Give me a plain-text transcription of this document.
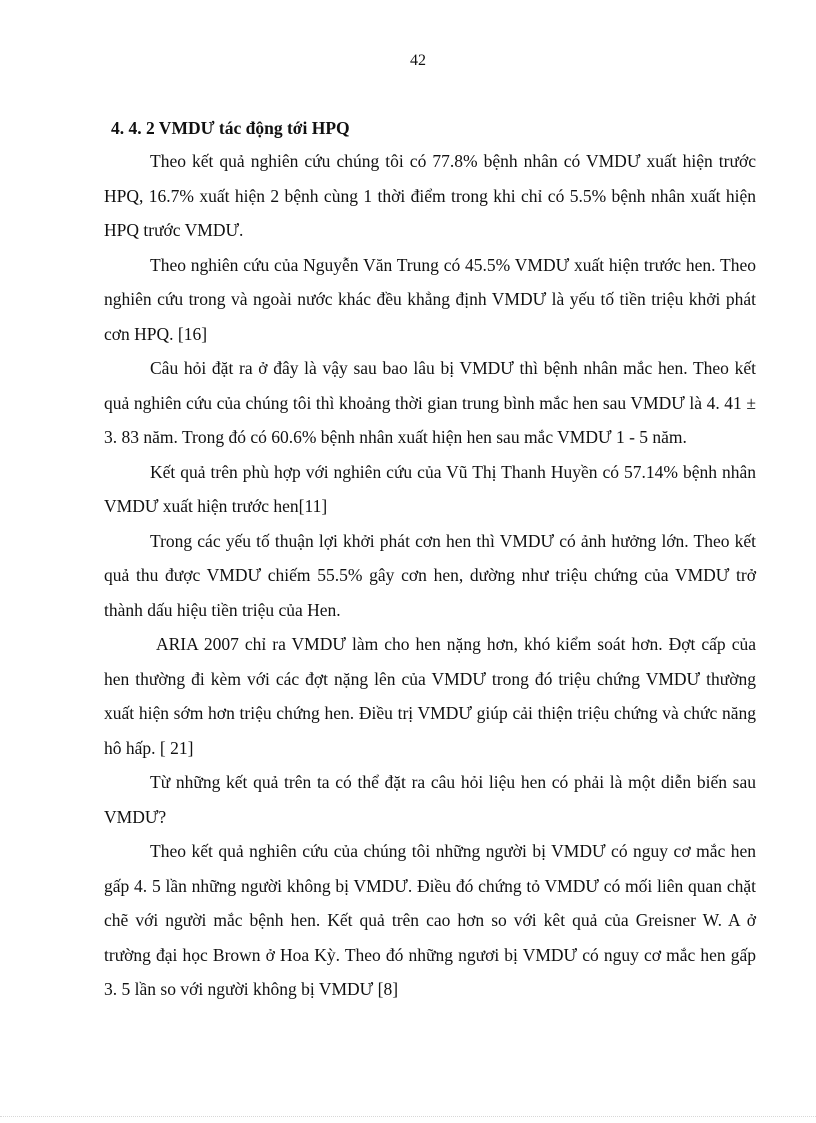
42

4. 4. 2 VMDƯ tác động tới HPQ

Theo kết quả nghiên cứu chúng tôi có 77.8% bệnh nhân có VMDƯ xuất hiện trước HPQ, 16.7% xuất hiện 2 bệnh cùng 1 thời điểm trong khi chỉ có 5.5% bệnh nhân xuất hiện HPQ trước VMDƯ.

Theo nghiên cứu của Nguyễn Văn Trung có 45.5% VMDƯ xuất hiện trước hen. Theo nghiên cứu trong và ngoài nước khác đều khẳng định VMDƯ là yếu tố tiền triệu khởi phát cơn HPQ. [16]

Câu hỏi đặt ra ở đây là vậy sau bao lâu bị VMDƯ thì bệnh nhân mắc hen. Theo kết quả nghiên cứu của chúng tôi thì khoảng thời gian trung bình mắc hen sau VMDƯ là 4. 41 ± 3. 83 năm. Trong đó có 60.6% bệnh nhân xuất hiện hen sau mắc VMDƯ 1 - 5 năm.

Kết quả trên phù hợp với nghiên cứu của Vũ Thị Thanh Huyền có 57.14% bệnh nhân VMDƯ xuất hiện trước hen[11]

Trong các yếu tố thuận lợi khởi phát cơn hen thì VMDƯ có ảnh hưởng lớn. Theo kết quả thu được VMDƯ chiếm 55.5% gây cơn hen, dường như triệu chứng của VMDƯ trở thành dấu hiệu tiền triệu của Hen.

ARIA 2007 chỉ ra VMDƯ làm cho hen nặng hơn, khó kiểm soát hơn. Đợt cấp của hen thường đi kèm với các đợt nặng lên của VMDƯ trong đó triệu chứng VMDƯ thường xuất hiện sớm hơn triệu chứng hen. Điều trị VMDƯ giúp cải thiện triệu chứng và chức năng hô hấp. [ 21]

Từ những kết quả trên ta có thể đặt ra câu hỏi liệu hen có phải là một diễn biến sau VMDƯ?

Theo kết quả nghiên cứu của chúng tôi những người bị VMDƯ có nguy cơ mắc hen gấp 4. 5 lần những người không bị VMDƯ. Điều đó chứng tỏ VMDƯ có mối liên quan chặt chẽ với người mắc bệnh hen. Kết quả trên cao hơn so với kêt quả của Greisner W. A ở trường đại học Brown ở Hoa Kỳ. Theo đó những ngươi bị VMDƯ có nguy cơ mắc hen gấp 3. 5 lần so với người không bị VMDƯ [8]
